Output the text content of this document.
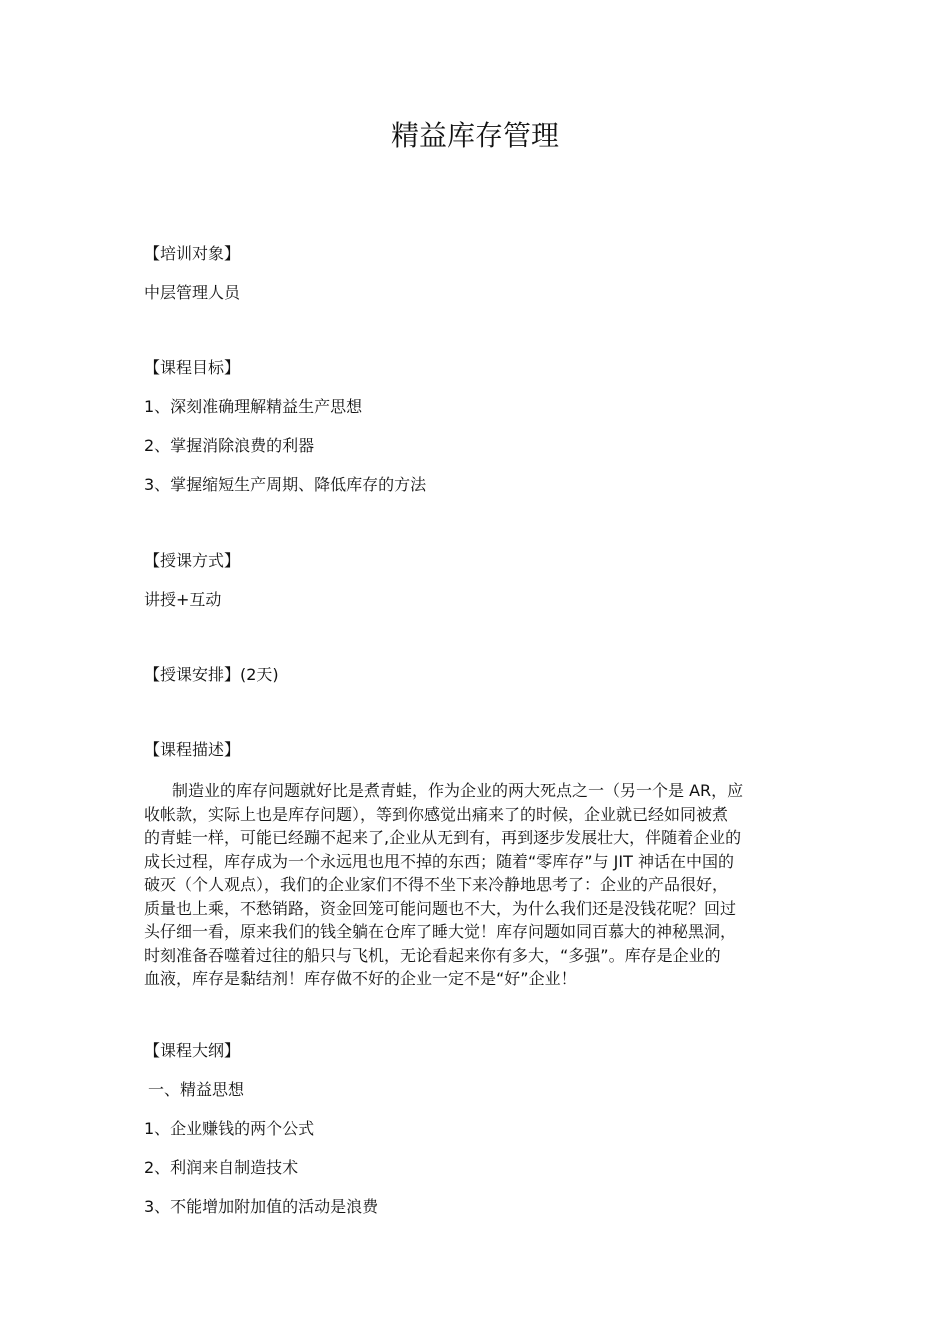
精益库存管理
【培训对象】
中层管理人员
【课程目标】
1、深刻准确理解精益生产思想
2、掌握消除浪费的利器
3、掌握缩短生产周期、降低库存的方法
【授课方式】
讲授+互动
【授课安排】(2天)
【课程描述】
制造业的库存问题就好比是煮青蛙，作为企业的两大死点之一（另一个是 AR，应
收帐款，实际上也是库存问题），等到你感觉出痛来了的时候，企业就已经如同被煮
的青蛙一样，可能已经蹦不起来了,企业从无到有，再到逐步发展壮大，伴随着企业的
成长过程，库存成为一个永远甩也甩不掉的东西；随着“零库存”与 JIT 神话在中国的
破灭（个人观点），我们的企业家们不得不坐下来冷静地思考了：企业的产品很好，
质量也上乘，不愁销路，资金回笼可能问题也不大，为什么我们还是没钱花呢？回过
头仔细一看，原来我们的钱全躺在仓库了睡大觉！库存问题如同百慕大的神秘黑洞，
时刻准备吞噬着过往的船只与飞机，无论看起来你有多大，“多强”。库存是企业的
血液，库存是黏结剂！库存做不好的企业一定不是“好”企业！
【课程大纲】
一、精益思想
1、企业赚钱的两个公式
2、利润来自制造技术
3、不能增加附加值的活动是浪费
